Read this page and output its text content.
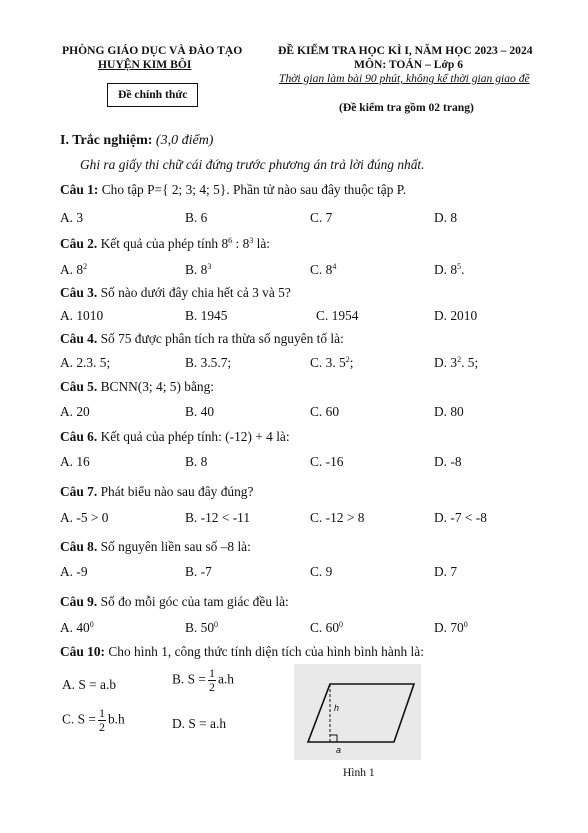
PHÒNG GIÁO DỤC VÀ ĐÀO TẠO
HUYỆN KIM BÔI
Đề chính thức
ĐỀ KIỂM TRA HỌC KÌ I, NĂM HỌC 2023 – 2024
MÔN: TOÁN – Lớp 6
Thời gian làm bài 90 phút, không kể thời gian giao đề
(Đề kiểm tra gồm 02 trang)
I. Trắc nghiệm: (3,0 điểm)
Ghi ra giấy thi chữ cái đứng trước phương án trả lời đúng nhất.
Câu 1: Cho tập P={ 2; 3; 4; 5}. Phần tử nào sau đây thuộc tập P.
A. 3	B. 6	C. 7	D. 8
Câu 2. Kết quả của phép tính $8^6$ : $8^3$ là:
A. $8^2$	B. $8^3$	C. $8^4$	D. $8^5$.
Câu 3. Số nào dưới đây chia hết cả 3 và 5?
A. 1010	B. 1945	C. 1954	D. 2010
Câu 4. Số 75 được phân tích ra thừa số nguyên tố là:
A. 2.3. 5;	B. 3.5.7;	C. 3. $5^2$;	D. $3^2$. 5;
Câu 5. BCNN(3; 4; 5) bằng:
A. 20	B. 40	C. 60	D. 80
Câu 6. Kết quả của phép tính: (-12) + 4 là:
A. 16	B. 8	C. -16	D. -8
Câu 7. Phát biểu nào sau đây đúng?
A. -5 > 0	B. -12 < -11	C. -12 > 8	D. -7 < -8
Câu 8. Số nguyên liền sau số –8 là:
A. -9	B. -7	C. 9	D. 7
Câu 9. Số đo mỗi góc của tam giác đều là:
A. $40^0$	B. $50^0$	C. $60^0$	D. $70^0$
Câu 10: Cho hình 1, công thức tính diện tích của hình bình hành là:
A. S = a.b	B. $S = \frac{1}{2} a.h$
C. $S = \frac{1}{2} b.h$	D. S = a.h
h
a
Hình 1
